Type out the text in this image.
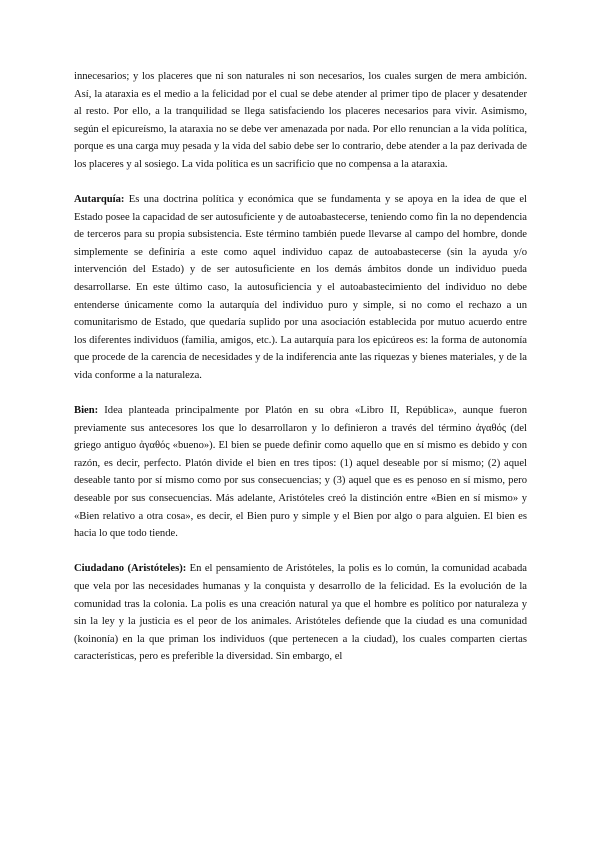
innecesarios; y los placeres que ni son naturales ni son necesarios, los cuales surgen de mera ambición. Así, la ataraxia es el medio a la felicidad por el cual se debe atender al primer tipo de placer y desatender al resto. Por ello, a la tranquilidad se llega satisfaciendo los placeres necesarios para vivir. Asimismo, según el epicureísmo, la ataraxia no se debe ver amenazada por nada. Por ello renuncian a la vida política, porque es una carga muy pesada y la vida del sabio debe ser lo contrario, debe atender a la paz derivada de los placeres y al sosiego. La vida política es un sacrificio que no compensa a la ataraxia.

Autarquía: Es una doctrina política y económica que se fundamenta y se apoya en la idea de que el Estado posee la capacidad de ser autosuficiente y de autoabastecerse, teniendo como fin la no dependencia de terceros para su propia subsistencia. Este término también puede llevarse al campo del hombre, donde simplemente se definiría a este como aquel individuo capaz de autoabastecerse (sin la ayuda y/o intervención del Estado) y de ser autosuficiente en los demás ámbitos donde un individuo pueda desarrollarse. En este último caso, la autosuficiencia y el autoabastecimiento del individuo no debe entenderse únicamente como la autarquía del individuo puro y simple, si no como el rechazo a un comunitarismo de Estado, que quedaría suplido por una asociación establecida por mutuo acuerdo entre los diferentes individuos (familia, amigos, etc.). La autarquía para los epicúreos es: la forma de autonomía que procede de la carencia de necesidades y de la indiferencia ante las riquezas y bienes materiales, y de la vida conforme a la naturaleza.

Bien: Idea planteada principalmente por Platón en su obra «Libro II, República», aunque fueron previamente sus antecesores los que lo desarrollaron y lo definieron a través del término ἀγαθός (del griego antiguo ἀγαθός «bueno»). El bien se puede definir como aquello que en sí mismo es debido y con razón, es decir, perfecto. Platón divide el bien en tres tipos: (1) aquel deseable por sí mismo; (2) aquel deseable tanto por sí mismo como por sus consecuencias; y (3) aquel que es es penoso en sí mismo, pero deseable por sus consecuencias. Más adelante, Aristóteles creó la distinción entre «Bien en sí mismo» y «Bien relativo a otra cosa», es decir, el Bien puro y simple y el Bien por algo o para alguien. El bien es hacia lo que todo tiende.

Ciudadano (Aristóteles): En el pensamiento de Aristóteles, la polis es lo común, la comunidad acabada que vela por las necesidades humanas y la conquista y desarrollo de la felicidad. Es la evolución de la comunidad tras la colonia. La polis es una creación natural ya que el hombre es político por naturaleza y sin la ley y la justicia es el peor de los animales. Aristóteles defiende que la ciudad es una comunidad (koinonía) en la que priman los individuos (que pertenecen a la ciudad), los cuales comparten ciertas características, pero es preferible la diversidad. Sin embargo, el
